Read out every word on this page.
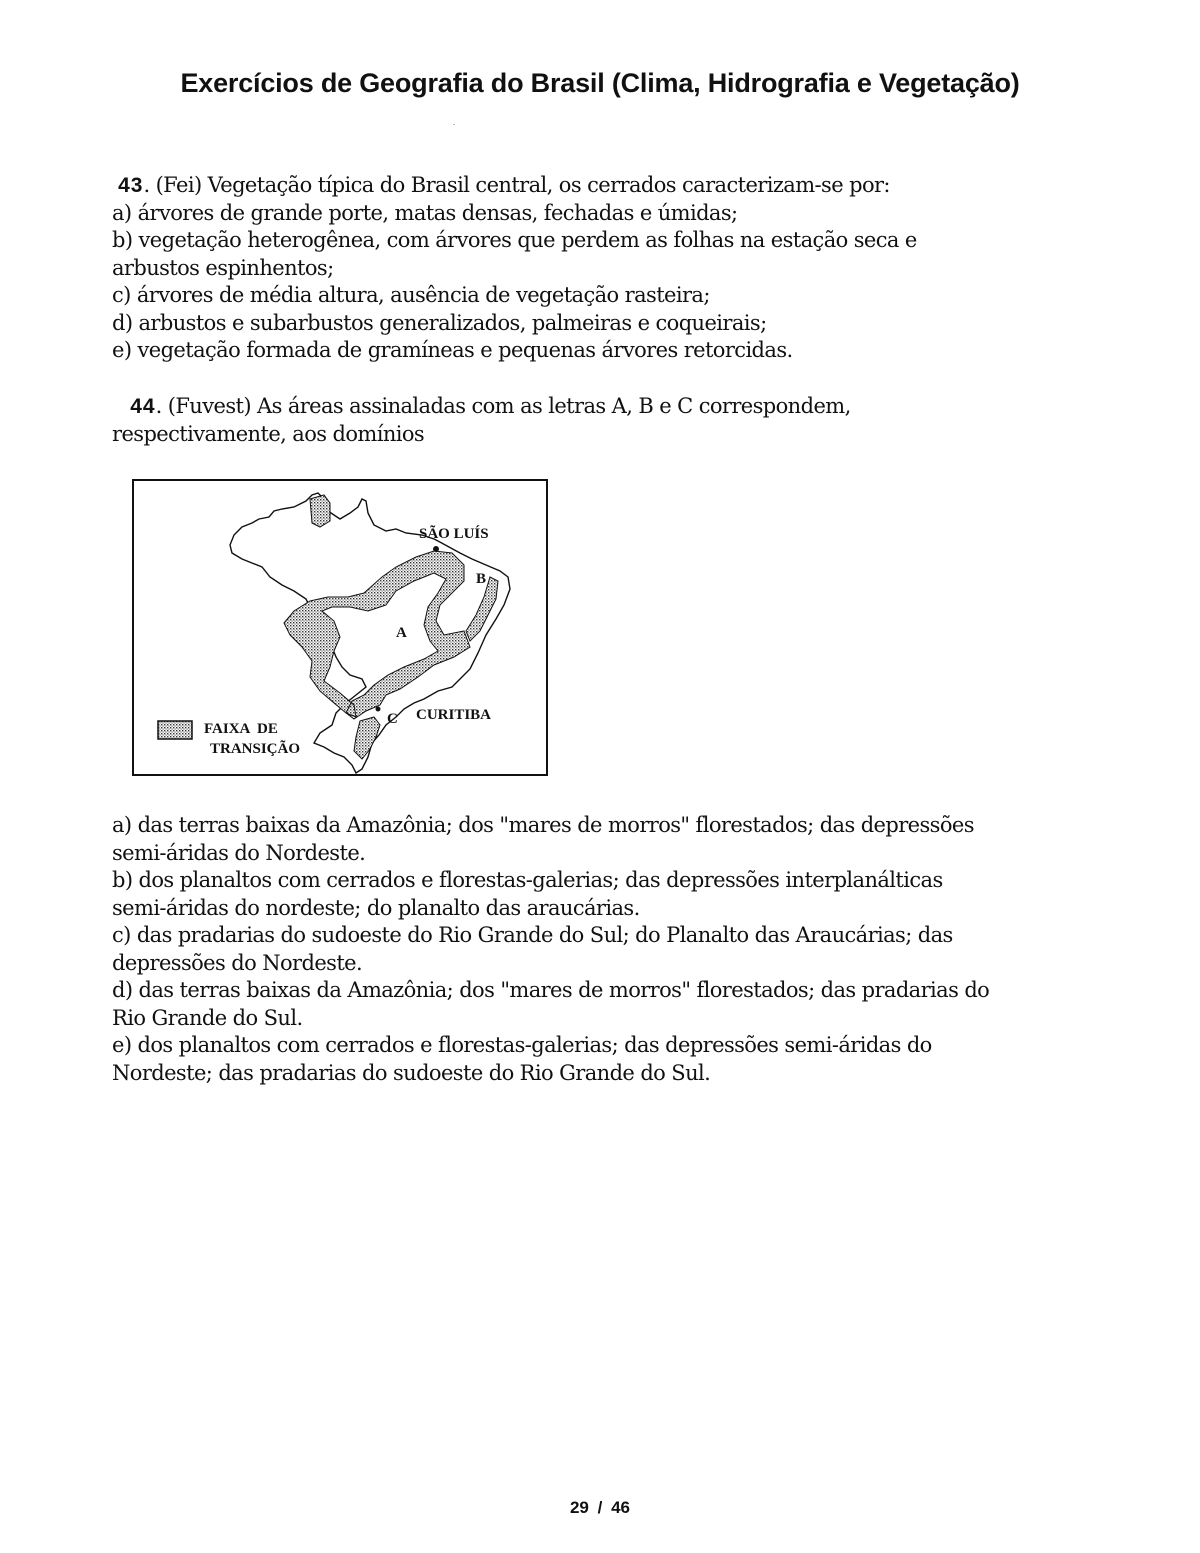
Exercícios de Geografia do Brasil (Clima, Hidrografia e Vegetação)

43. (Fei) Vegetação típica do Brasil central, os cerrados caracterizam-se por:

a) árvores de grande porte, matas densas, fechadas e úmidas;

b) vegetação heterogênea, com árvores que perdem as folhas na estação seca e

arbustos espinhentos;

c) árvores de média altura, ausência de vegetação rasteira;

d) arbustos e subarbustos generalizados, palmeiras e coqueirais;

e) vegetação formada de gramíneas e pequenas árvores retorcidas.

44. (Fuvest) As áreas assinaladas com as letras A, B e C correspondem,

respectivamente, aos domínios

SÃO LUÍS
B
A
C CURITIBA
FAIXA  DE
TRANSIÇÃO

a) das terras baixas da Amazônia; dos "mares de morros" florestados; das depressões

semi-áridas do Nordeste.

b) dos planaltos com cerrados e florestas-galerias; das depressões interplanálticas

semi-áridas do nordeste; do planalto das araucárias.

c) das pradarias do sudoeste do Rio Grande do Sul; do Planalto das Araucárias; das

depressões do Nordeste.

d) das terras baixas da Amazônia; dos "mares de morros" florestados; das pradarias do

Rio Grande do Sul.

e) dos planaltos com cerrados e florestas-galerias; das depressões semi-áridas do

Nordeste; das pradarias do sudoeste do Rio Grande do Sul.

29 / 46
